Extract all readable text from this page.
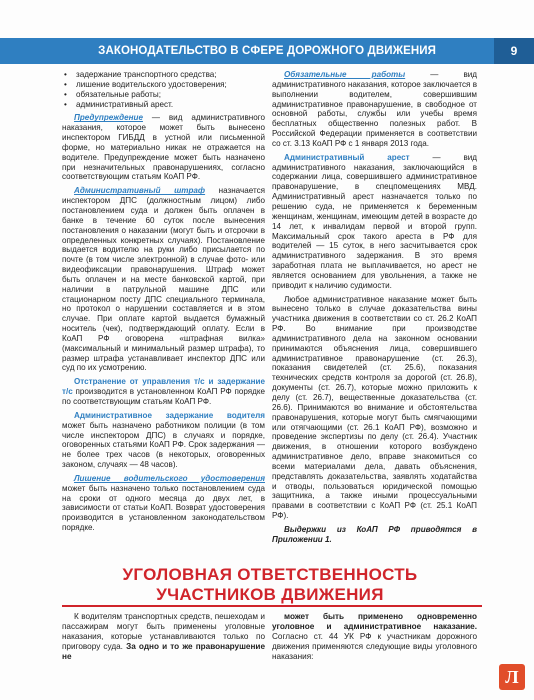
ЗАКОНОДАТЕЛЬСТВО В СФЕРЕ ДОРОЖНОГО ДВИЖЕНИЯ	9
• задержание транспортного средства;
• лишение водительского удостоверения;
• обязательные работы;
• административный арест.

Предупреждение — вид административного наказания, которое может быть вынесено инспектором ГИБДД в устной или письменной форме, но материально никак не отражается на водителе. Предупреждение может быть назначено при незначительных правонарушениях, согласно соответствующим статьям КоАП РФ.

Административный штраф назначается инспектором ДПС (должностным лицом) либо постановлением суда и должен быть оплачен в банке в течение 60 суток после вынесения постановления о наказании (могут быть и отсрочки в определенных конкретных случаях). Постановление выдается водителю на руки либо присылается по почте (в том числе электронной) в случае фото- или видеофиксации правонарушения. Штраф может быть оплачен и на месте банковской картой, при наличии в патрульной машине ДПС или стационарном посту ДПС специального терминала, но протокол о нарушении составляется и в этом случае. При оплате картой выдается бумажный носитель (чек), подтверждающий оплату. Если в КоАП РФ оговорена «штрафная вилка» (максимальный и минимальный размер штрафа), то размер штрафа устанавливает инспектор ДПС или суд по их усмотрению.

Отстранение от управления т/с и задержание т/с производится в установленном КоАП РФ порядке по соответствующим статьям КоАП РФ.

Административное задержание водителя может быть назначено работником полиции (в том числе инспектором ДПС) в случаях и порядке, оговоренных статьями КоАП РФ. Срок задержания — не более трех часов (в некоторых, оговоренных законом, случаях — 48 часов).

Лишение водительского удостоверения может быть назначено только постановлением суда на сроки от одного месяца до двух лет, в зависимости от статьи КоАП. Возврат удостоверения производится в установленном законодательством порядке.

Обязательные работы — вид административного наказания, которое заключается в выполнении водителем, совершившим административное правонарушение, в свободное от основной работы, службы или учебы время бесплатных общественно полезных работ. В Российской Федерации применяется в соответствии со ст. 3.13 КоАП РФ с 1 января 2013 года.

Административный арест — вид административного наказания, заключающийся в содержании лица, совершившего административное правонарушение, в спецпомещениях МВД. Административный арест назначается только по решению суда, не применяется к беременным женщинам, женщинам, имеющим детей в возрасте до 14 лет, к инвалидам первой и второй групп. Максимальный срок такого ареста в РФ для водителей — 15 суток, в него засчитывается срок административного задержания. В это время заработная плата не выплачивается, но арест не является основанием для увольнения, а также не приводит к наличию судимости.

Любое административное наказание может быть вынесено только в случае доказательства вины участника движения в соответствии со ст. 26.2 КоАП РФ. Во внимание при производстве административного дела на законном основании принимаются объяснения лица, совершившего административное правонарушение (ст. 26.3), показания свидетелей (ст. 25.6), показания технических средств контроля за дорогой (ст. 26.8), документы (ст. 26.7), которые можно приложить к делу (ст. 26.7), вещественные доказательства (ст. 26.6). Принимаются во внимание и обстоятельства правонарушения, которые могут быть смягчающими или отягчающими (ст. 26.1 КоАП РФ), возможно и проведение экспертизы по делу (ст. 26.4). Участник движения, в отношении которого возбуждено административное дело, вправе знакомиться со всеми материалами дела, давать объяснения, представлять доказательства, заявлять ходатайства и отводы, пользоваться юридической помощью защитника, а также иными процессуальными правами в соответствии с КоАП РФ (ст. 25.1 КоАП РФ).

Выдержки из КоАП РФ приводятся в Приложении 1.

УГОЛОВНАЯ ОТВЕТСТВЕННОСТЬ
УЧАСТНИКОВ ДВИЖЕНИЯ

К водителям транспортных средств, пешеходам и пассажирам могут быть применены уголовные наказания, которые устанавливаются только по приговору суда. За одно и то же правонарушение не

может быть применено одновременно уголовное и административное наказание. Согласно ст. 44 УК РФ к участникам дорожного движения применяются следующие виды уголовного наказания:

Л
